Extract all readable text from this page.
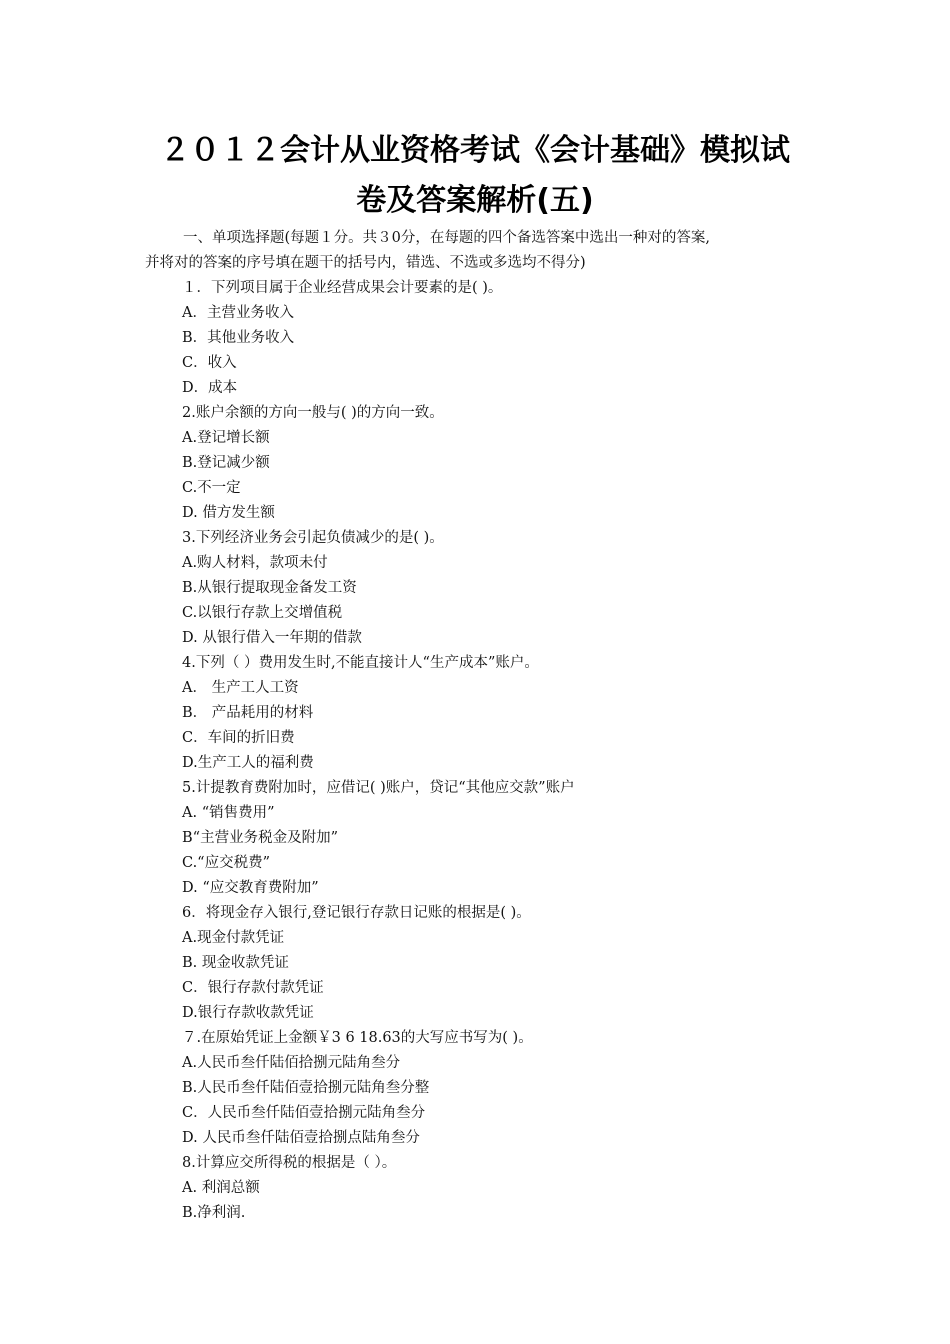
２０１２会计从业资格考试《会计基础》模拟试
卷及答案解析(五)
一、单项选择题(每题１分。共３0分，在每题的四个备选答案中选出一种对的答案,
并将对的答案的序号填在题干的括号内，错选、不选或多选均不得分)
１．下列项目属于企业经营成果会计要素的是( )。
A．主营业务收入
B．其他业务收入
C．收入
D．成本
2.账户余额的方向一般与( )的方向一致。
A.登记增长额
B.登记减少额
C.不一定
D. 借方发生额
3.下列经济业务会引起负债减少的是( )。
A.购人材料，款项未付
B.从银行提取现金备发工资
C.以银行存款上交增值税
D. 从银行借入一年期的借款
4.下列（ ）费用发生时,不能直接计人“生产成本”账户。
A． 生产工人工资
B． 产品耗用的材料
C．车间的折旧费
D.生产工人的福利费
5.计提教育费附加时，应借记( )账户，贷记“其他应交款”账户
A. “销售费用”
B“主营业务税金及附加”
C.“应交税费”
D. “应交教育费附加”
6．将现金存入银行,登记银行存款日记账的根据是( )。
A.现金付款凭证
B. 现金收款凭证
C．银行存款付款凭证
D.银行存款收款凭证
７.在原始凭证上金额￥3 6 18.63的大写应书写为( )。
A.人民币叁仟陆佰拾捌元陆角叁分
B.人民币叁仟陆佰壹拾捌元陆角叁分整
C．人民币叁仟陆佰壹拾捌元陆角叁分
D. 人民币叁仟陆佰壹拾捌点陆角叁分
8.计算应交所得税的根据是（ ）。
A. 利润总额
B.净利润.
